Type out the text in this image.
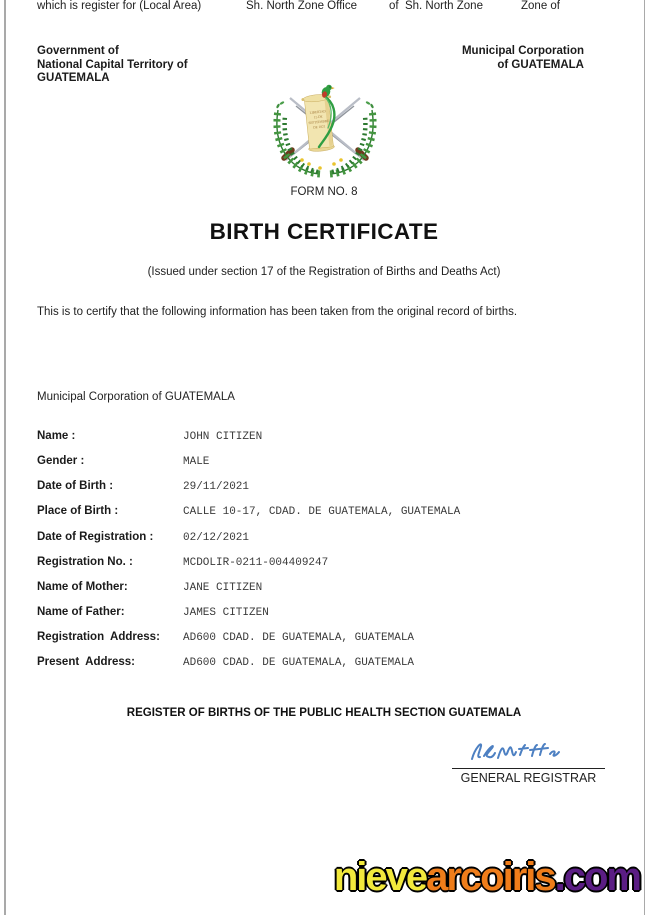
Government of
National Capital Territory of
GUATEMALA
Municipal Corporation
of GUATEMALA
LIBERTAD
15 DE
SEPTIEMBRE
DE 1821
FORM NO. 8
BIRTH CERTIFICATE
(Issued under section 17 of the Registration of Births and Deaths Act)
This is to certify that the following information has been taken from the original record of births.
which is register for (Local Area)	Sh. North Zone Office	of  Sh. North Zone	Zone of
Municipal Corporation of GUATEMALA
Name :	JOHN CITIZEN
Gender :	MALE
Date of Birth :	29/11/2021
Place of Birth :	CALLE 10-17, CDAD. DE GUATEMALA, GUATEMALA
Date of Registration :	02/12/2021
Registration No. :	MCDOLIR-0211-004409247
Name of Mother:	JANE CITIZEN
Name of Father:	JAMES CITIZEN
Registration  Address:	AD600 CDAD. DE GUATEMALA, GUATEMALA
Present  Address:	AD600 CDAD. DE GUATEMALA, GUATEMALA
REGISTER OF BIRTHS OF THE PUBLIC HEALTH SECTION GUATEMALA
GENERAL REGISTRAR
nievearcoiris.com
